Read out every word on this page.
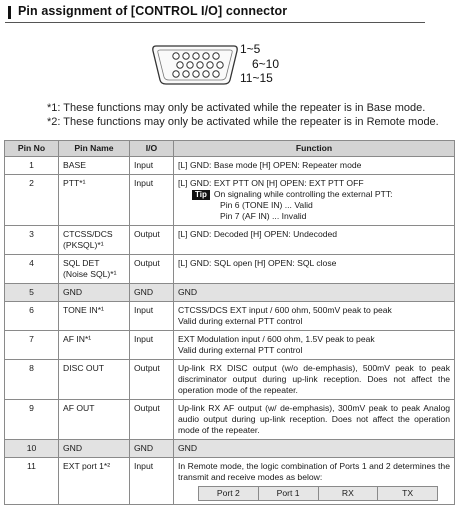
Pin assignment of [CONTROL I/O] connector
1~5
6~10
11~15
*1: These functions may only be activated while the repeater is in Base mode.
*2: These functions may only be activated while the repeater is in Remote mode.
Pin No	Pin Name	I/O	Function
1	BASE	Input	[L] GND: Base mode [H] OPEN: Repeater mode

2	PTT*¹	Input	[L] GND: EXT PTT ON [H] OPEN: EXT PTT OFF
Tip On signaling while controlling the external PTT:
Pin 6 (TONE IN) ... Valid
Pin 7 (AF IN) ... Invalid

3	CTCSS/DCS
(PKSQL)*¹
	Output	[L] GND: Decoded [H] OPEN: Undecoded

4	SQL DET
(Noise SQL)*¹
	Output	[L] GND: SQL open [H] OPEN: SQL close

5	GND	GND	GND
6	TONE IN*¹	Input	CTCSS/DCS EXT input / 600 ohm, 500mV peak to peak
Valid during external PTT control

7	AF IN*¹	Input	EXT Modulation input / 600 ohm, 1.5V peak to peak
Valid during external PTT control

8	DISC OUT	Output	Up-link RX DISC output (w/o de-emphasis), 500mV peak to peak discriminator output during up-link reception. Does not affect the operation mode of the repeater.

9	AF OUT	Output	Up-link RX AF output (w/ de-emphasis), 300mV peak to peak Analog audio output during up-link reception. Does not affect the operation mode of the repeater.

10	GND	GND	GND
11	EXT port 1*²	Input	In Remote mode, the logic combination of Ports 1 and 2 determines the transmit and receive modes as below:
Port 2	Port 1	RX	TX
